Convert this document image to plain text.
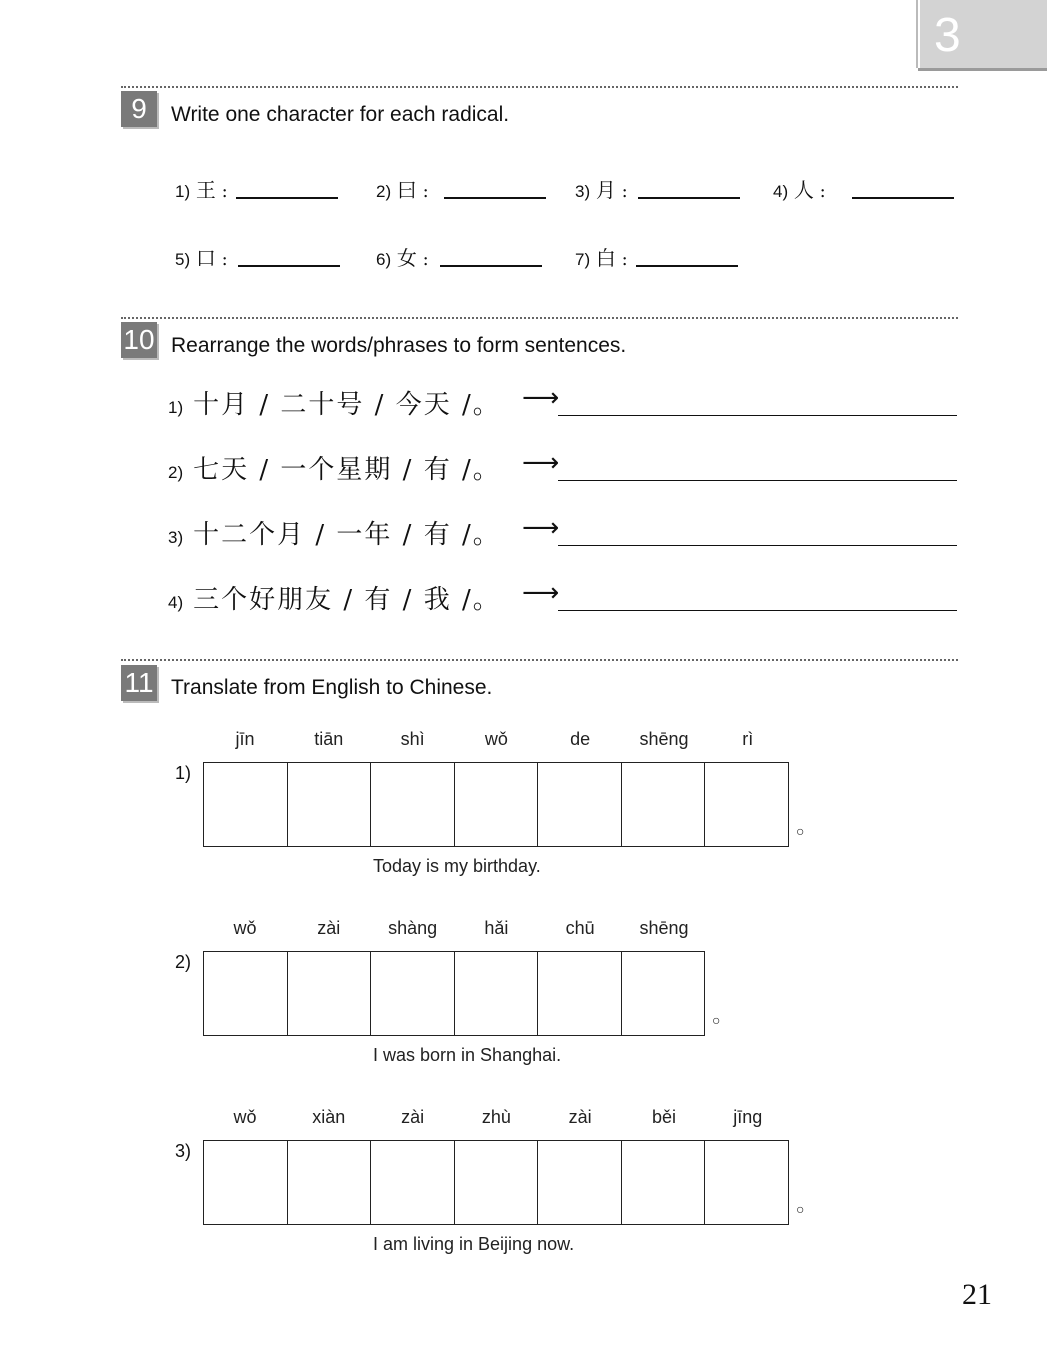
3
9	Write one character for each radical.
1) 王 :	2) 曰 :	3) 月 :	4) 人 :
5) 口 :	6) 女 :	7) 白 :
10 Rearrange the words/phrases to form sentences.
1) 十月 / 二十号 / 今天 /。 ⟶
2) 七天 / 一个星期 / 有 /。 ⟶
3) 十二个月 / 一年 / 有 /。 ⟶
4) 三个好朋友 / 有 / 我 /。 ⟶
11 Translate from English to Chinese.
1)
jīn	tiān	shì	wǒ	de	shēng	rì
○
Today is my birthday.
2)
wǒ	zài	shàng	hǎi	chū	shēng
○
I was born in Shanghai.
3)
wǒ	xiàn	zài	zhù	zài	běi	jīng
○
I am living in Beijing now.
21
